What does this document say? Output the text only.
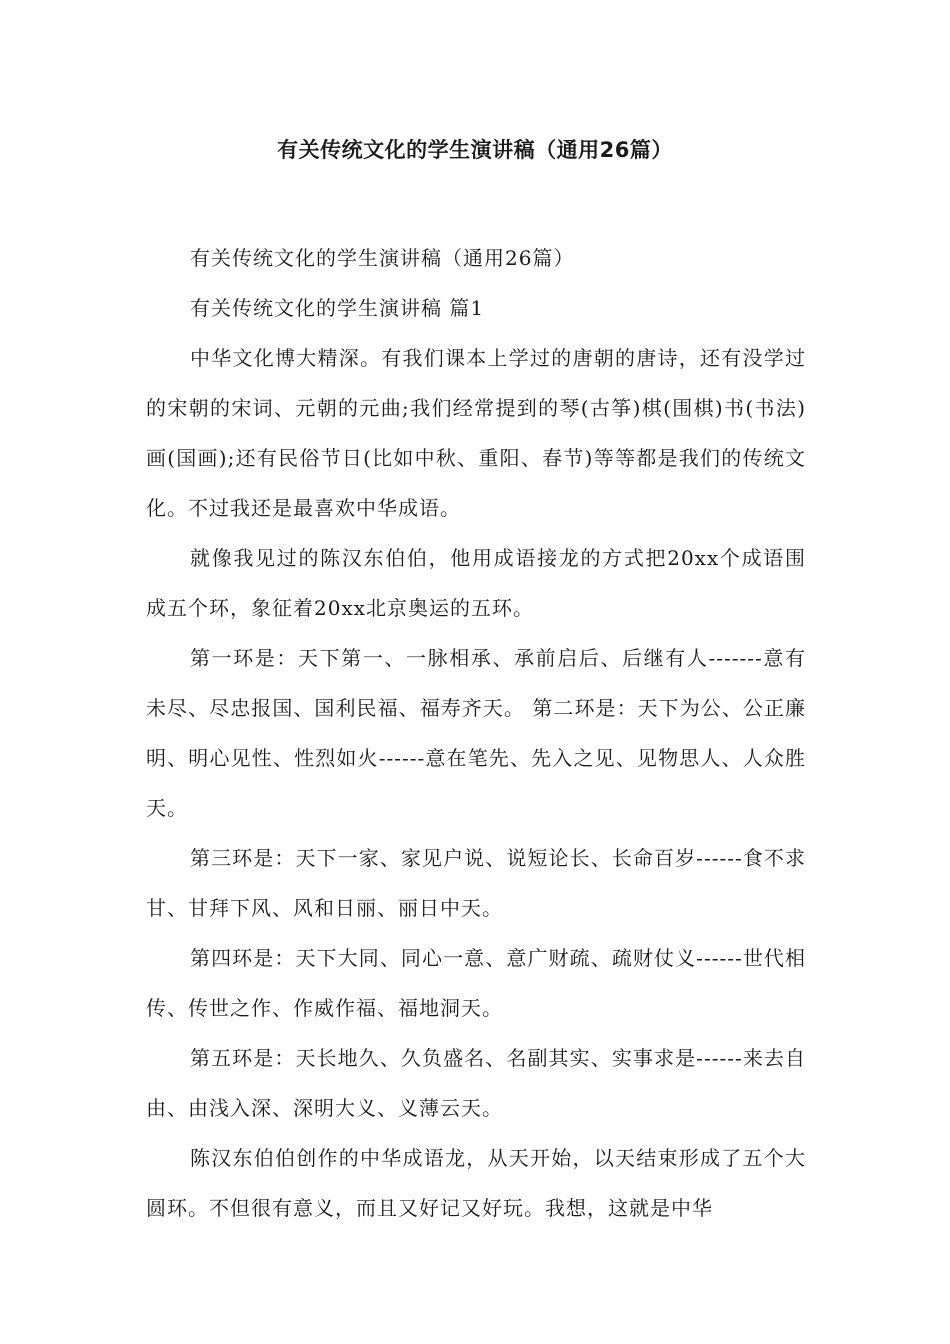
有关传统文化的学生演讲稿（通用26篇）

有关传统文化的学生演讲稿（通用26篇）

有关传统文化的学生演讲稿 篇1

中华文化博大精深。有我们课本上学过的唐朝的唐诗，还有没学过的宋朝的宋词、元朝的元曲;我们经常提到的琴(古筝)棋(围棋)书(书法)画(国画);还有民俗节日(比如中秋、重阳、春节)等等都是我们的传统文化。不过我还是最喜欢中华成语。

就像我见过的陈汉东伯伯，他用成语接龙的方式把20xx个成语围成五个环，象征着20xx北京奥运的五环。

第一环是：天下第一、一脉相承、承前启后、后继有人-------意有未尽、尽忠报国、国利民福、福寿齐天。 第二环是：天下为公、公正廉明、明心见性、性烈如火------意在笔先、先入之见、见物思人、人众胜天。

第三环是：天下一家、家见户说、说短论长、长命百岁------食不求甘、甘拜下风、风和日丽、丽日中天。

第四环是：天下大同、同心一意、意广财疏、疏财仗义------世代相传、传世之作、作威作福、福地洞天。

第五环是：天长地久、久负盛名、名副其实、实事求是------来去自由、由浅入深、深明大义、义薄云天。

陈汉东伯伯创作的中华成语龙，从天开始，以天结束形成了五个大圆环。不但很有意义，而且又好记又好玩。我想，这就是中华
